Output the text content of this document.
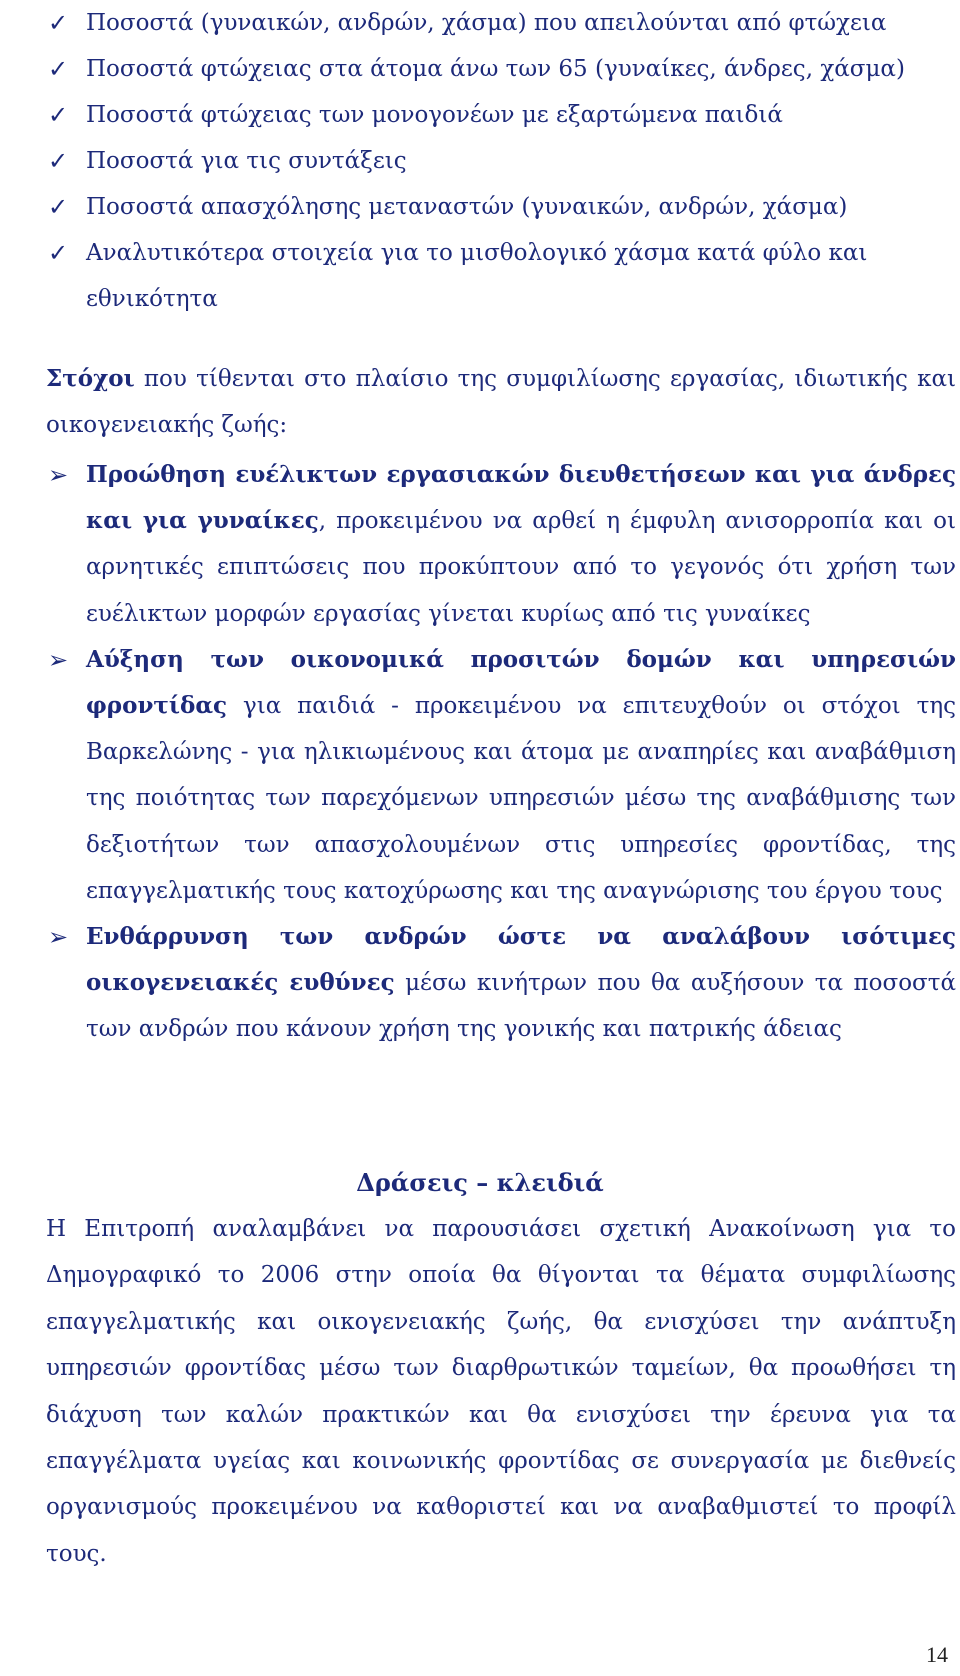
✓ Ποσοστά (γυναικών, ανδρών, χάσμα) που απειλούνται από φτώχεια
✓ Ποσοστά φτώχειας στα άτομα άνω των 65 (γυναίκες, άνδρες, χάσμα)
✓ Ποσοστά φτώχειας των μονογονέων με εξαρτώμενα παιδιά
✓ Ποσοστά για τις συντάξεις
✓ Ποσοστά απασχόλησης μεταναστών (γυναικών, ανδρών, χάσμα)
✓ Αναλυτικότερα στοιχεία για το μισθολογικό χάσμα κατά φύλο και εθνικότητα

Στόχοι που τίθενται στο πλαίσιο της συμφιλίωσης εργασίας, ιδιωτικής και οικογενειακής ζωής:

➢ Προώθηση ευέλικτων εργασιακών διευθετήσεων και για άνδρες και για γυναίκες, προκειμένου να αρθεί η έμφυλη ανισορροπία και οι αρνητικές επιπτώσεις που προκύπτουν από το γεγονός ότι χρήση των ευέλικτων μορφών εργασίας γίνεται κυρίως από τις γυναίκες
➢ Αύξηση των οικονομικά προσιτών δομών και υπηρεσιών φροντίδας για παιδιά - προκειμένου να επιτευχθούν οι στόχοι της Βαρκελώνης - για ηλικιωμένους και άτομα με αναπηρίες και αναβάθμιση της ποιότητας των παρεχόμενων υπηρεσιών μέσω της αναβάθμισης των δεξιοτήτων των απασχολουμένων στις υπηρεσίες φροντίδας, της επαγγελματικής τους κατοχύρωσης και της αναγνώρισης του έργου τους
➢ Ενθάρρυνση των ανδρών ώστε να αναλάβουν ισότιμες οικογενειακές ευθύνες μέσω κινήτρων που θα αυξήσουν τα ποσοστά των ανδρών που κάνουν χρήση της γονικής και πατρικής άδειας
Δράσεις – κλειδιά

Η Επιτροπή αναλαμβάνει να παρουσιάσει σχετική Ανακοίνωση για το Δημογραφικό το 2006 στην οποία θα θίγονται τα θέματα συμφιλίωσης επαγγελματικής και οικογενειακής ζωής, θα ενισχύσει την ανάπτυξη υπηρεσιών φροντίδας μέσω των διαρθρωτικών ταμείων, θα προωθήσει τη διάχυση των καλών πρακτικών και θα ενισχύσει την έρευνα για τα επαγγέλματα υγείας και κοινωνικής φροντίδας σε συνεργασία με διεθνείς οργανισμούς προκειμένου να καθοριστεί και να αναβαθμιστεί το προφίλ τους.

14
